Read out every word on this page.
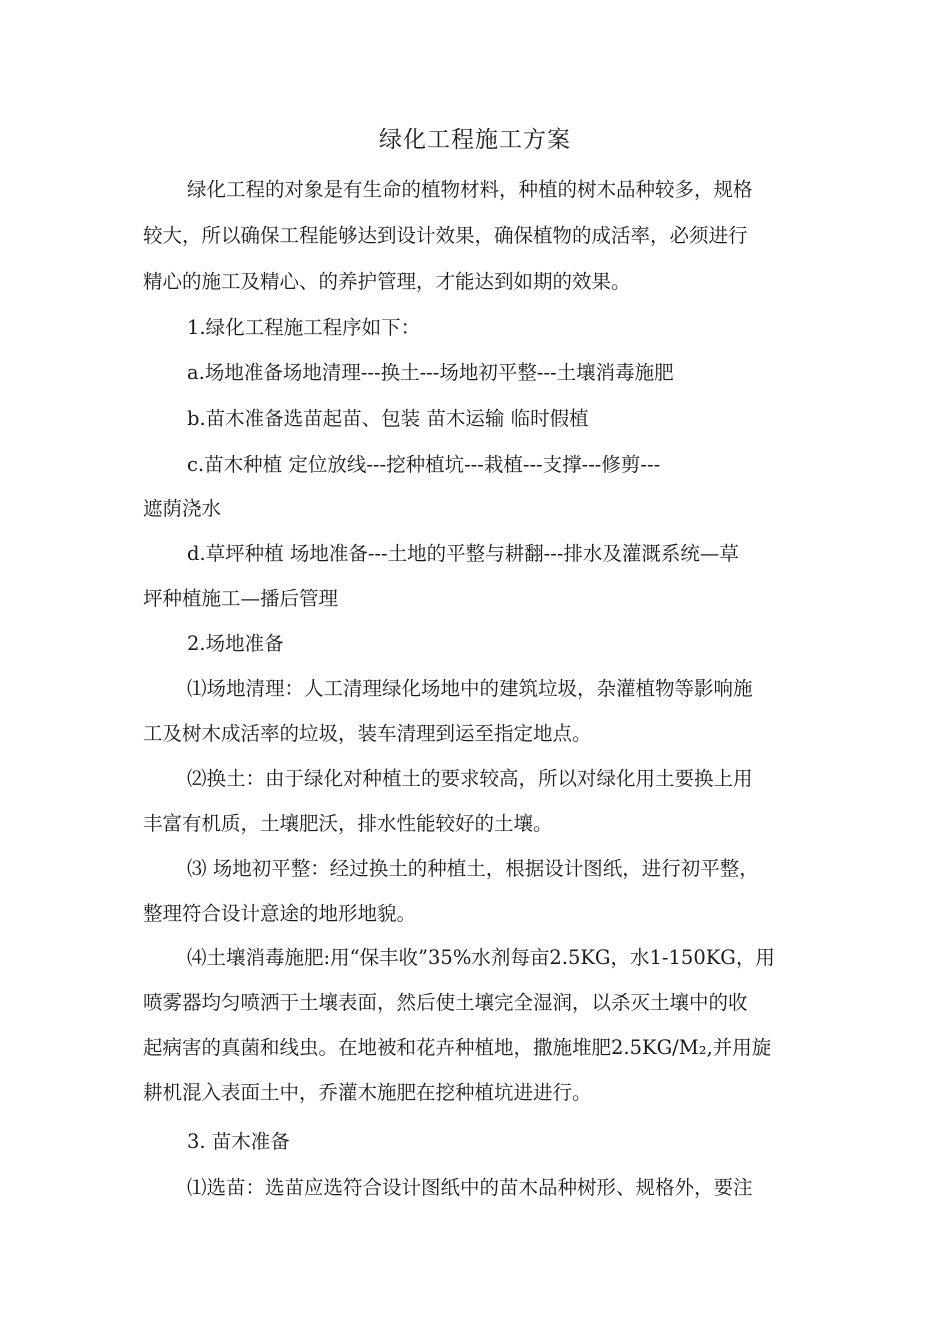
绿化工程施工方案
绿化工程的对象是有生命的植物材料，种植的树木品种较多，规格
较大，所以确保工程能够达到设计效果，确保植物的成活率，必须进行
精心的施工及精心、的养护管理，才能达到如期的效果。
1.绿化工程施工程序如下：
a.场地准备场地清理---换土---场地初平整---土壤消毒施肥
b.苗木准备选苗起苗、包装 苗木运输 临时假植
c.苗木种植 定位放线---挖种植坑---栽植---支撑---修剪---
遮荫浇水
d.草坪种植 场地准备---土地的平整与耕翻---排水及灌溉系统—草
坪种植施工—播后管理
2.场地准备
⑴场地清理：人工清理绿化场地中的建筑垃圾，杂灌植物等影响施
工及树木成活率的垃圾，装车清理到运至指定地点。
⑵换土：由于绿化对种植土的要求较高，所以对绿化用土要换上用
丰富有机质，土壤肥沃，排水性能较好的土壤。
⑶ 场地初平整：经过换土的种植土，根据设计图纸，进行初平整，
整理符合设计意途的地形地貌。
⑷土壤消毒施肥:用“保丰收”35%水剂每亩2.5KG，水1-150KG，用
喷雾器均匀喷洒于土壤表面，然后使土壤完全湿润，以杀灭土壤中的收
起病害的真菌和线虫。在地被和花卉种植地，撒施堆肥2.5KG/M₂,并用旋
耕机混入表面土中，乔灌木施肥在挖种植坑进进行。
3. 苗木准备
⑴选苗：选苗应选符合设计图纸中的苗木品种树形、规格外，要注
